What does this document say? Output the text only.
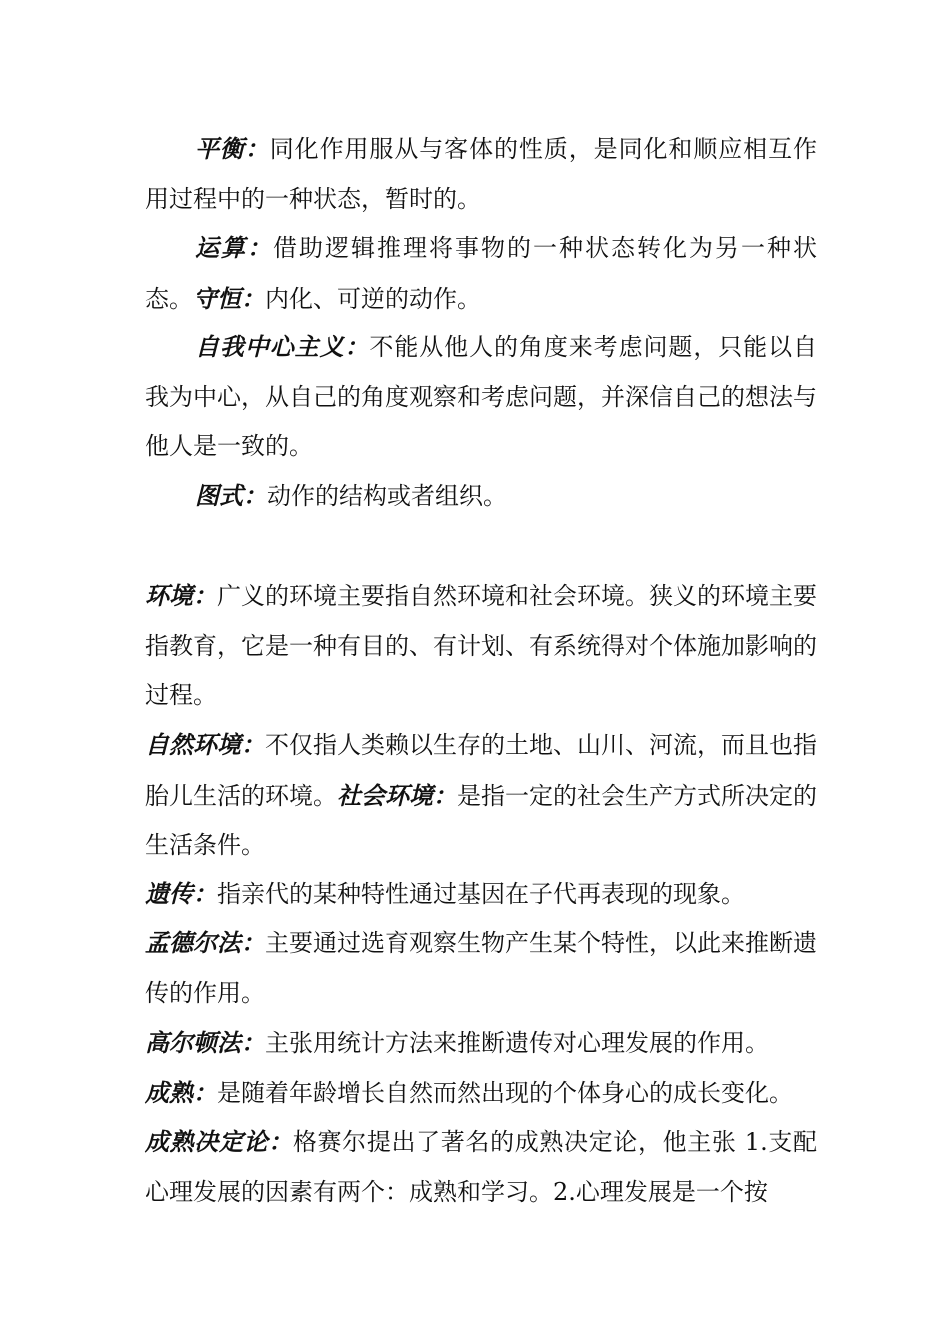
平衡：同化作用服从与客体的性质，是同化和顺应相互作用过程中的一种状态，暂时的。

运算：借助逻辑推理将事物的一种状态转化为另一种状态。守恒：内化、可逆的动作。

自我中心主义：不能从他人的角度来考虑问题，只能以自我为中心，从自己的角度观察和考虑问题，并深信自己的想法与他人是一致的。

图式：动作的结构或者组织。

环境：广义的环境主要指自然环境和社会环境。狭义的环境主要指教育，它是一种有目的、有计划、有系统得对个体施加影响的过程。

自然环境：不仅指人类赖以生存的土地、山川、河流，而且也指胎儿生活的环境。社会环境：是指一定的社会生产方式所决定的生活条件。

遗传：指亲代的某种特性通过基因在子代再表现的现象。

孟德尔法：主要通过选育观察生物产生某个特性，以此来推断遗传的作用。

高尔顿法：主张用统计方法来推断遗传对心理发展的作用。

成熟：是随着年龄增长自然而然出现的个体身心的成长变化。

成熟决定论：格赛尔提出了著名的成熟决定论，他主张 1.支配心理发展的因素有两个：成熟和学习。2.心理发展是一个按
